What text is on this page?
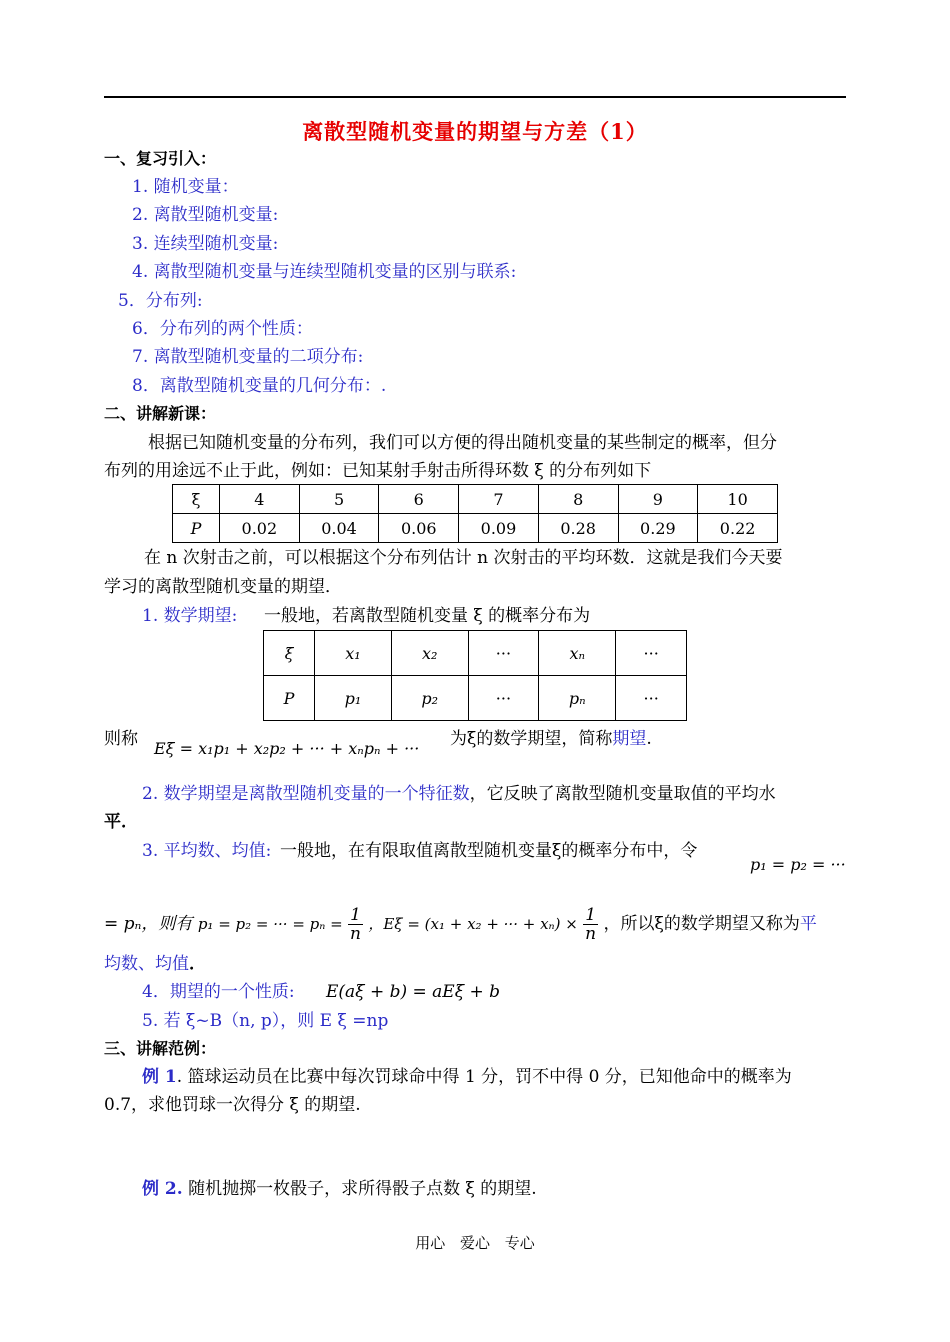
离散型随机变量的期望与方差（1）
一、复习引入：
1. 随机变量：
2. 离散型随机变量:
3. 连续型随机变量:
4. 离散型随机变量与连续型随机变量的区别与联系:
5．分布列:
6．分布列的两个性质：
7. 离散型随机变量的二项分布:
8．离散型随机变量的几何分布：.
二、讲解新课：
根据已知随机变量的分布列，我们可以方便的得出随机变量的某些制定的概率，但分
布列的用途远不止于此，例如：已知某射手射击所得环数 ξ 的分布列如下
ξ	4	5	6	7	8	9	10
P	0.02	0.04	0.06	0.09	0.28	0.29	0.22
在 n 次射击之前，可以根据这个分布列估计 n 次射击的平均环数．这就是我们今天要
学习的离散型随机变量的期望．
1. 数学期望: 一般地，若离散型随机变量 ξ 的概率分布为
ξ	x₁	x₂	···	xₙ	···
P	p₁	p₂	···	pₙ	···
则称 Eξ = x₁p₁ + x₂p₂ + ··· + xₙpₙ + ··· 为ξ的数学期望，简称期望.
2. 数学期望是离散型随机变量的一个特征数，它反映了离散型随机变量取值的平均水
平．
3. 平均数、均值: 一般地，在有限取值离散型随机变量ξ的概率分布中，令
p₁ = p₂ = ···
= pₙ，则有 p₁ = p₂ = ··· = $p_n = \frac{1}{n}$ ，Eξ = (x₁ + x₂ + ··· + $x_n) \times \frac{1}{n}$ ，所以ξ的数学期望又称为平
均数、均值．
4．期望的一个性质: E(aξ + b) = aEξ + b
5. 若 ξ~B（n, p），则 E ξ =np
三、讲解范例：
例 1. 篮球运动员在比赛中每次罚球命中得 1 分，罚不中得 0 分，已知他命中的概率为
0.7，求他罚球一次得分 ξ 的期望.
例 2. 随机抛掷一枚骰子，求所得骰子点数 ξ 的期望.
用心 爱心 专心
